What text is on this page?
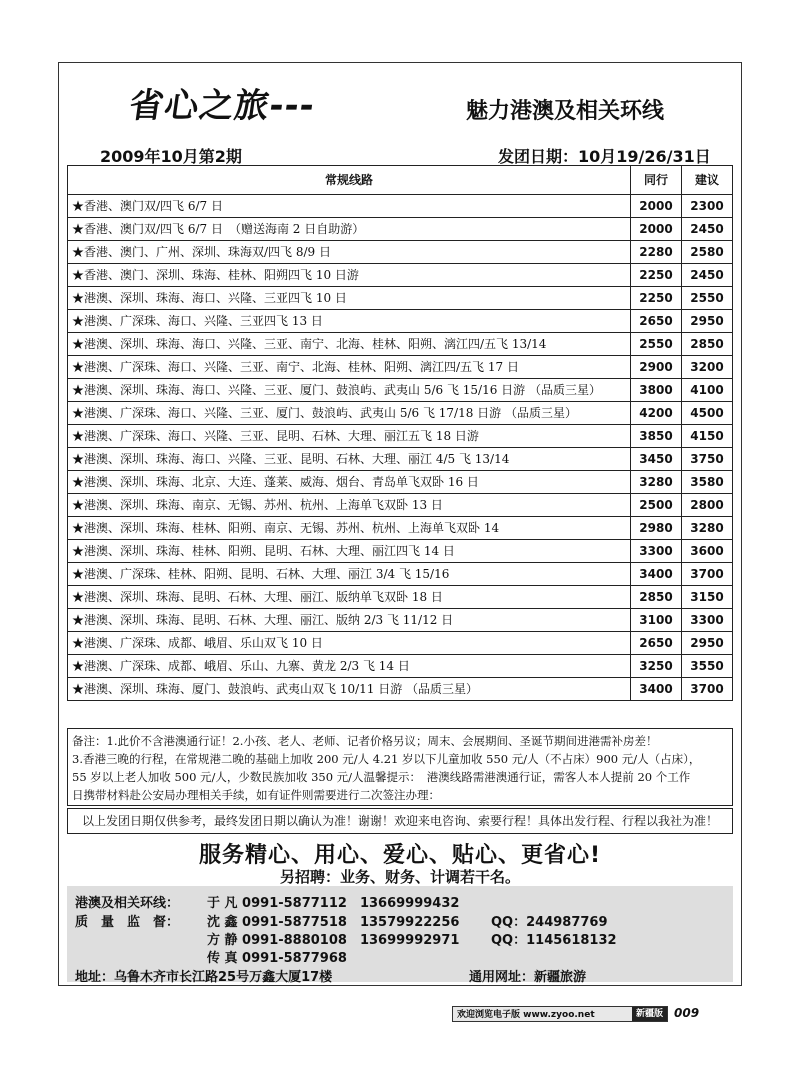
省心之旅---	魅力港澳及相关环线
2009年10月第2期	发团日期：10月19/26/31日
常规线路	同行	建议
★香港、澳门双/四飞 6/7 日	2000	2300
★香港、澳门双/四飞 6/7 日　（赠送海南 2 日自助游）	2000	2450
★香港、澳门、广州、深圳、珠海双/四飞 8/9 日	2280	2580
★香港、澳门、深圳、珠海、桂林、阳朔四飞 10 日游	2250	2450
★港澳、深圳、珠海、海口、兴隆、三亚四飞 10 日	2250	2550
★港澳、广深珠、海口、兴隆、三亚四飞 13 日	2650	2950
★港澳、深圳、珠海、海口、兴隆、三亚、南宁、北海、桂林、阳朔、漓江四/五飞 13/14	2550	2850
★港澳、广深珠、海口、兴隆、三亚、南宁、北海、桂林、阳朔、漓江四/五飞 17 日	2900	3200
★港澳、深圳、珠海、海口、兴隆、三亚、厦门、鼓浪屿、武夷山 5/6 飞 15/16 日游 （品质三星）	3800	4100
★港澳、广深珠、海口、兴隆、三亚、厦门、鼓浪屿、武夷山 5/6 飞 17/18 日游 （品质三星）	4200	4500
★港澳、广深珠、海口、兴隆、三亚、昆明、石林、大理、丽江五飞 18 日游	3850	4150
★港澳、深圳、珠海、海口、兴隆、三亚、昆明、石林、大理、丽江 4/5 飞 13/14	3450	3750
★港澳、深圳、珠海、北京、大连、蓬莱、威海、烟台、青岛单飞双卧 16 日	3280	3580
★港澳、深圳、珠海、南京、无锡、苏州、杭州、上海单飞双卧 13 日	2500	2800
★港澳、深圳、珠海、桂林、阳朔、南京、无锡、苏州、杭州、上海单飞双卧 14	2980	3280
★港澳、深圳、珠海、桂林、阳朔、昆明、石林、大理、丽江四飞 14 日	3300	3600
★港澳、广深珠、桂林、阳朔、昆明、石林、大理、丽江 3/4 飞 15/16	3400	3700
★港澳、深圳、珠海、昆明、石林、大理、丽江、版纳单飞双卧 18 日	2850	3150
★港澳、深圳、珠海、昆明、石林、大理、丽江、版纳 2/3 飞 11/12 日	3100	3300
★港澳、广深珠、成都、峨眉、乐山双飞 10 日	2650	2950
★港澳、广深珠、成都、峨眉、乐山、九寨、黄龙 2/3 飞 14 日	3250	3550
★港澳、深圳、珠海、厦门、鼓浪屿、武夷山双飞 10/11 日游 （品质三星）	3400	3700
备注：1.此价不含港澳通行证！2.小孩、老人、老师、记者价格另议；周末、会展期间、圣诞节期间进港需补房差！
3.香港三晚的行程，在常规港二晚的基础上加收 200 元/人 4.21 岁以下儿童加收 550 元/人（不占床）900 元/人（占床），
55 岁以上老人加收 500 元/人，少数民族加收 350 元/人温馨提示：　港澳线路需港澳通行证，需客人本人提前 20 个工作
日携带材料赴公安局办理相关手续，如有证件则需要进行二次签注办理：
以上发团日期仅供参考，最终发团日期以确认为准！谢谢！欢迎来电咨询、索要行程！具体出发行程、行程以我社为准！
服务精心、用心、爱心、贴心、更省心!
另招聘：业务、财务、计调若干名。
港澳及相关环线： 于 凡 0991-5877112　13669999432
质　量　监　督： 沈 鑫 0991-5877518　13579922256 QQ：244987769
方 静 0991-8880108　13699992971 QQ：1145618132
传 真 0991-5877968
地址：乌鲁木齐市长江路25号万鑫大厦17楼	通用网址：新疆旅游
欢迎浏览电子版 www.zyoo.net	新疆版 009
